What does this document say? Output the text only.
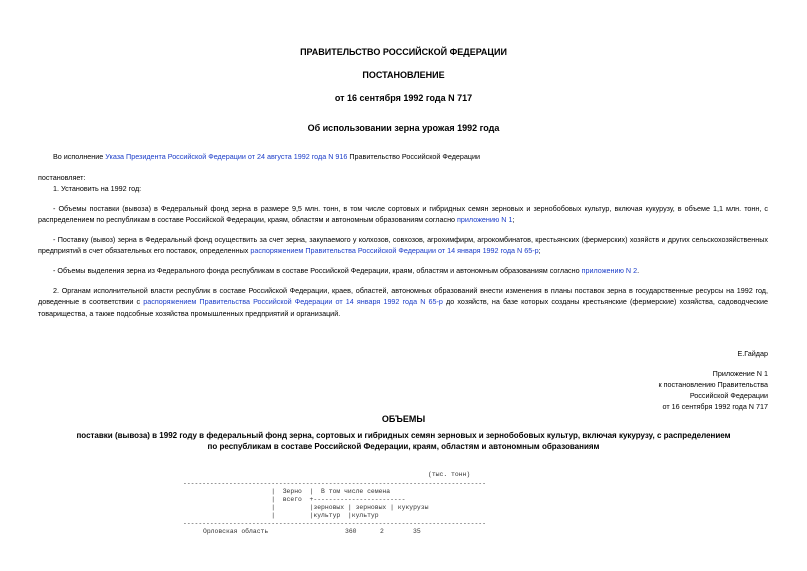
ПРАВИТЕЛЬСТВО РОССИЙСКОЙ ФЕДЕРАЦИИ
ПОСТАНОВЛЕНИЕ
от 16 сентября 1992 года N 717
Об использовании зерна урожая 1992 года
Во исполнение Указа Президента Российской Федерации от 24 августа 1992 года N 916 Правительство Российской Федерации
постановляет:
1. Установить на 1992 год:
- Объемы поставки (вывоза) в Федеральный фонд зерна в размере 9,5 млн. тонн, в том числе сортовых и гибридных семян зерновых и зернобобовых культур, включая кукурузу, в объеме 1,1 млн. тонн, с распределением по республикам в составе Российской Федерации, краям, областям и автономным образованиям согласно приложению N 1;
- Поставку (вывоз) зерна в Федеральный фонд осуществить за счет зерна, закупаемого у колхозов, совхозов, агрохимфирм, агрокомбинатов, крестьянских (фермерских) хозяйств и других сельскохозяйственных предприятий в счет обязательных его поставок, определенных распоряжением Правительства Российской Федерации от 14 января 1992 года N 65-р;
- Объемы выделения зерна из Федерального фонда республикам в составе Российской Федерации, краям, областям и автономным образованиям согласно приложению N 2.
2. Органам исполнительной власти республик в составе Российской Федерации, краев, областей, автономных образований внести изменения в планы поставок зерна в государственные ресурсы на 1992 год, доведенные в соответствии с распоряжением Правительства Российской Федерации от 14 января 1992 года N 65-р до хозяйств, на базе которых созданы крестьянские (фермерские) хозяйства, садоводческие товарищества, а также подсобные хозяйства промышленных предприятий и организаций.
Е.Гайдар
Приложение N 1
к постановлению Правительства
Российской Федерации
от 16 сентября 1992 года N 717
ОБЪЕМЫ
поставки (вывоза) в 1992 году в федеральный фонд зерна, сортовых и гибридных семян зерновых и зернобобовых культур, включая кукурузу, с распределением
по республикам в составе Российской Федерации, краям, областям и автономным образованиям
(тыс. тонн)
-------------------------------------------------------------------------------
|  Зерно  |  В том числе семена
|  всего  +------------------------
|         |зерновых | зерновых | кукурузы
|         |культур  |культур
-------------------------------------------------------------------------------
Орловская область	360	2	35
